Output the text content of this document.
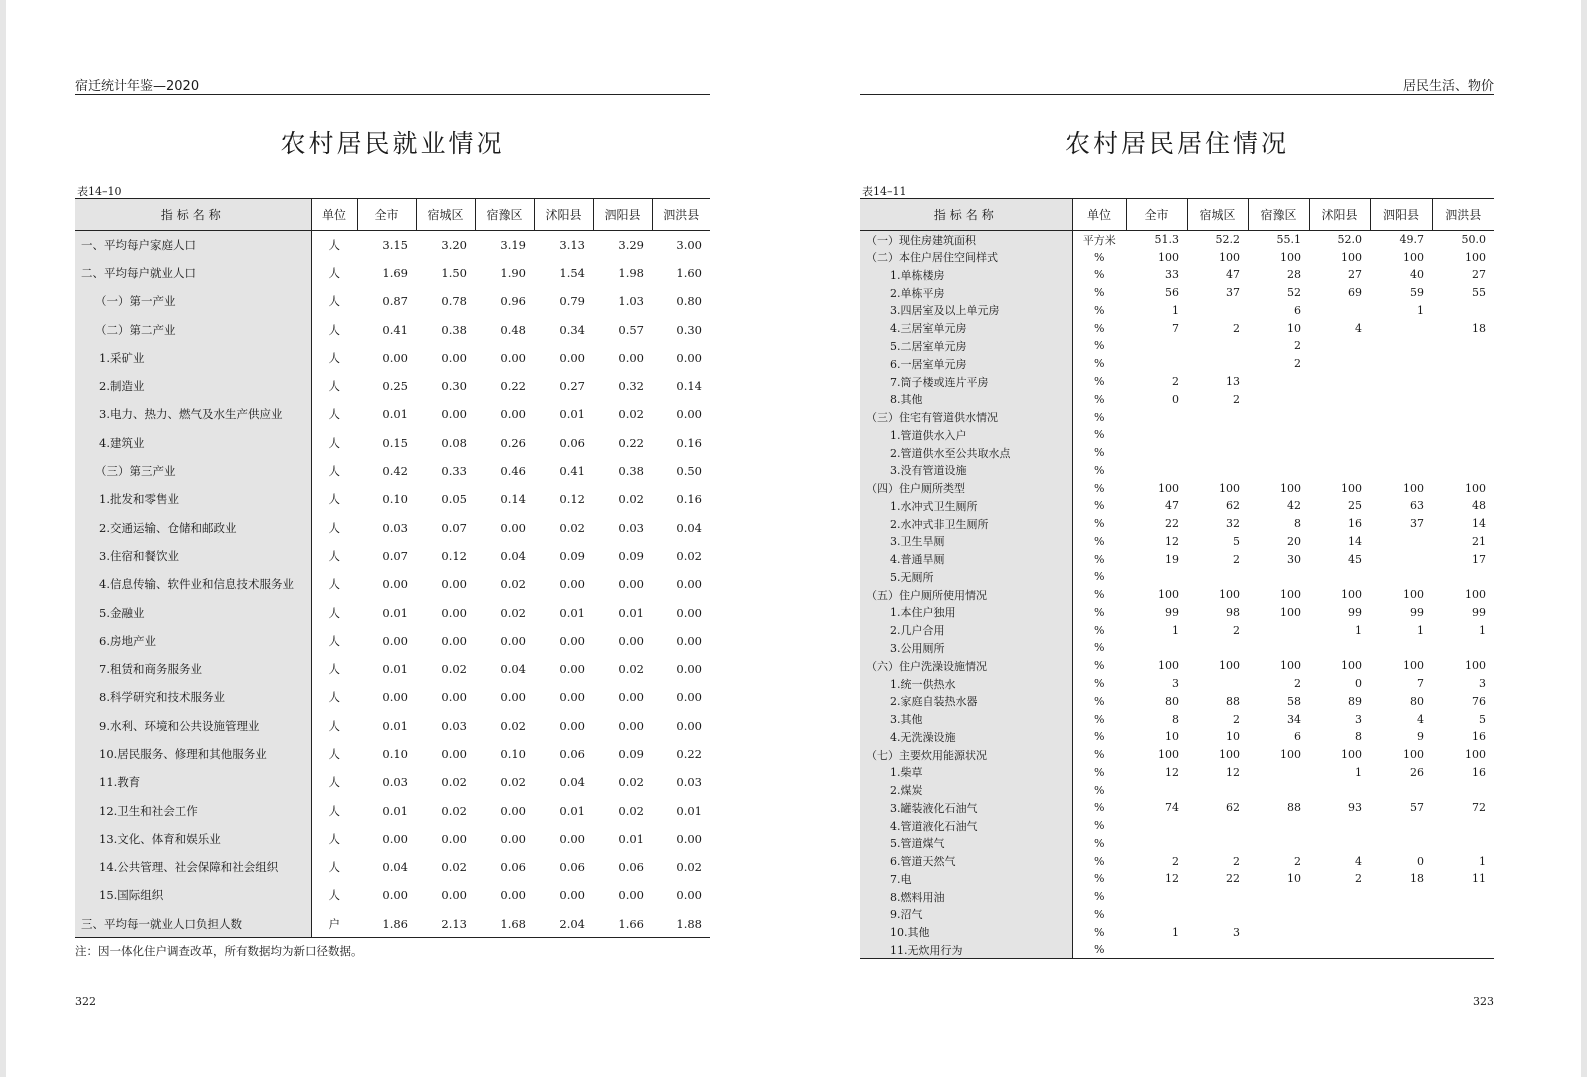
宿迁统计年鉴—2020
农村居民就业情况
表14–10
指标名称	单位	全市	宿城区	宿豫区	沭阳县	泗阳县	泗洪县
一、平均每户家庭人口	人	3.15	3.20	3.19	3.13	3.29	3.00
二、平均每户就业人口	人	1.69	1.50	1.90	1.54	1.98	1.60
（一）第一产业	人	0.87	0.78	0.96	0.79	1.03	0.80
（二）第二产业	人	0.41	0.38	0.48	0.34	0.57	0.30
1.采矿业	人	0.00	0.00	0.00	0.00	0.00	0.00
2.制造业	人	0.25	0.30	0.22	0.27	0.32	0.14
3.电力、热力、燃气及水生产供应业	人	0.01	0.00	0.00	0.01	0.02	0.00
4.建筑业	人	0.15	0.08	0.26	0.06	0.22	0.16
（三）第三产业	人	0.42	0.33	0.46	0.41	0.38	0.50
1.批发和零售业	人	0.10	0.05	0.14	0.12	0.02	0.16
2.交通运输、仓储和邮政业	人	0.03	0.07	0.00	0.02	0.03	0.04
3.住宿和餐饮业	人	0.07	0.12	0.04	0.09	0.09	0.02
4.信息传输、软件业和信息技术服务业	人	0.00	0.00	0.02	0.00	0.00	0.00
5.金融业	人	0.01	0.00	0.02	0.01	0.01	0.00
6.房地产业	人	0.00	0.00	0.00	0.00	0.00	0.00
7.租赁和商务服务业	人	0.01	0.02	0.04	0.00	0.02	0.00
8.科学研究和技术服务业	人	0.00	0.00	0.00	0.00	0.00	0.00
9.水利、环境和公共设施管理业	人	0.01	0.03	0.02	0.00	0.00	0.00
10.居民服务、修理和其他服务业	人	0.10	0.00	0.10	0.06	0.09	0.22
11.教育	人	0.03	0.02	0.02	0.04	0.02	0.03
12.卫生和社会工作	人	0.01	0.02	0.00	0.01	0.02	0.01
13.文化、体育和娱乐业	人	0.00	0.00	0.00	0.00	0.01	0.00
14.公共管理、社会保障和社会组织	人	0.04	0.02	0.06	0.06	0.06	0.02
15.国际组织	人	0.00	0.00	0.00	0.00	0.00	0.00
三、平均每一就业人口负担人数	户	1.86	2.13	1.68	2.04	1.66	1.88
注：因一体化住户调查改革，所有数据均为新口径数据。
322
居民生活、物价
农村居民居住情况
表14–11
指标名称	单位	全市	宿城区	宿豫区	沭阳县	泗阳县	泗洪县
（一）现住房建筑面积	平方米	51.3	52.2	55.1	52.0	49.7	50.0
（二）本住户居住空间样式	%	100	100	100	100	100	100
1.单栋楼房	%	33	47	28	27	40	27
2.单栋平房	%	56	37	52	69	59	55
3.四居室及以上单元房	%	1		6		1	
4.三居室单元房	%	7	2	10	4		18
5.二居室单元房	%			2			
6.一居室单元房	%			2			
7.筒子楼或连片平房	%	2	13				
8.其他	%	0	2				
（三）住宅有管道供水情况	%						
1.管道供水入户	%						
2.管道供水至公共取水点	%						
3.没有管道设施	%						
（四）住户厕所类型	%	100	100	100	100	100	100
1.水冲式卫生厕所	%	47	62	42	25	63	48
2.水冲式非卫生厕所	%	22	32	8	16	37	14
3.卫生旱厕	%	12	5	20	14		21
4.普通旱厕	%	19	2	30	45		17
5.无厕所	%						
（五）住户厕所使用情况	%	100	100	100	100	100	100
1.本住户独用	%	99	98	100	99	99	99
2.几户合用	%	1	2		1	1	1
3.公用厕所	%						
（六）住户洗澡设施情况	%	100	100	100	100	100	100
1.统一供热水	%	3		2	0	7	3
2.家庭自装热水器	%	80	88	58	89	80	76
3.其他	%	8	2	34	3	4	5
4.无洗澡设施	%	10	10	6	8	9	16
（七）主要炊用能源状况	%	100	100	100	100	100	100
1.柴草	%	12	12		1	26	16
2.煤炭	%						
3.罐装液化石油气	%	74	62	88	93	57	72
4.管道液化石油气	%						
5.管道煤气	%						
6.管道天然气	%	2	2	2	4	0	1
7.电	%	12	22	10	2	18	11
8.燃料用油	%						
9.沼气	%						
10.其他	%	1	3				
11.无炊用行为	%						
323
